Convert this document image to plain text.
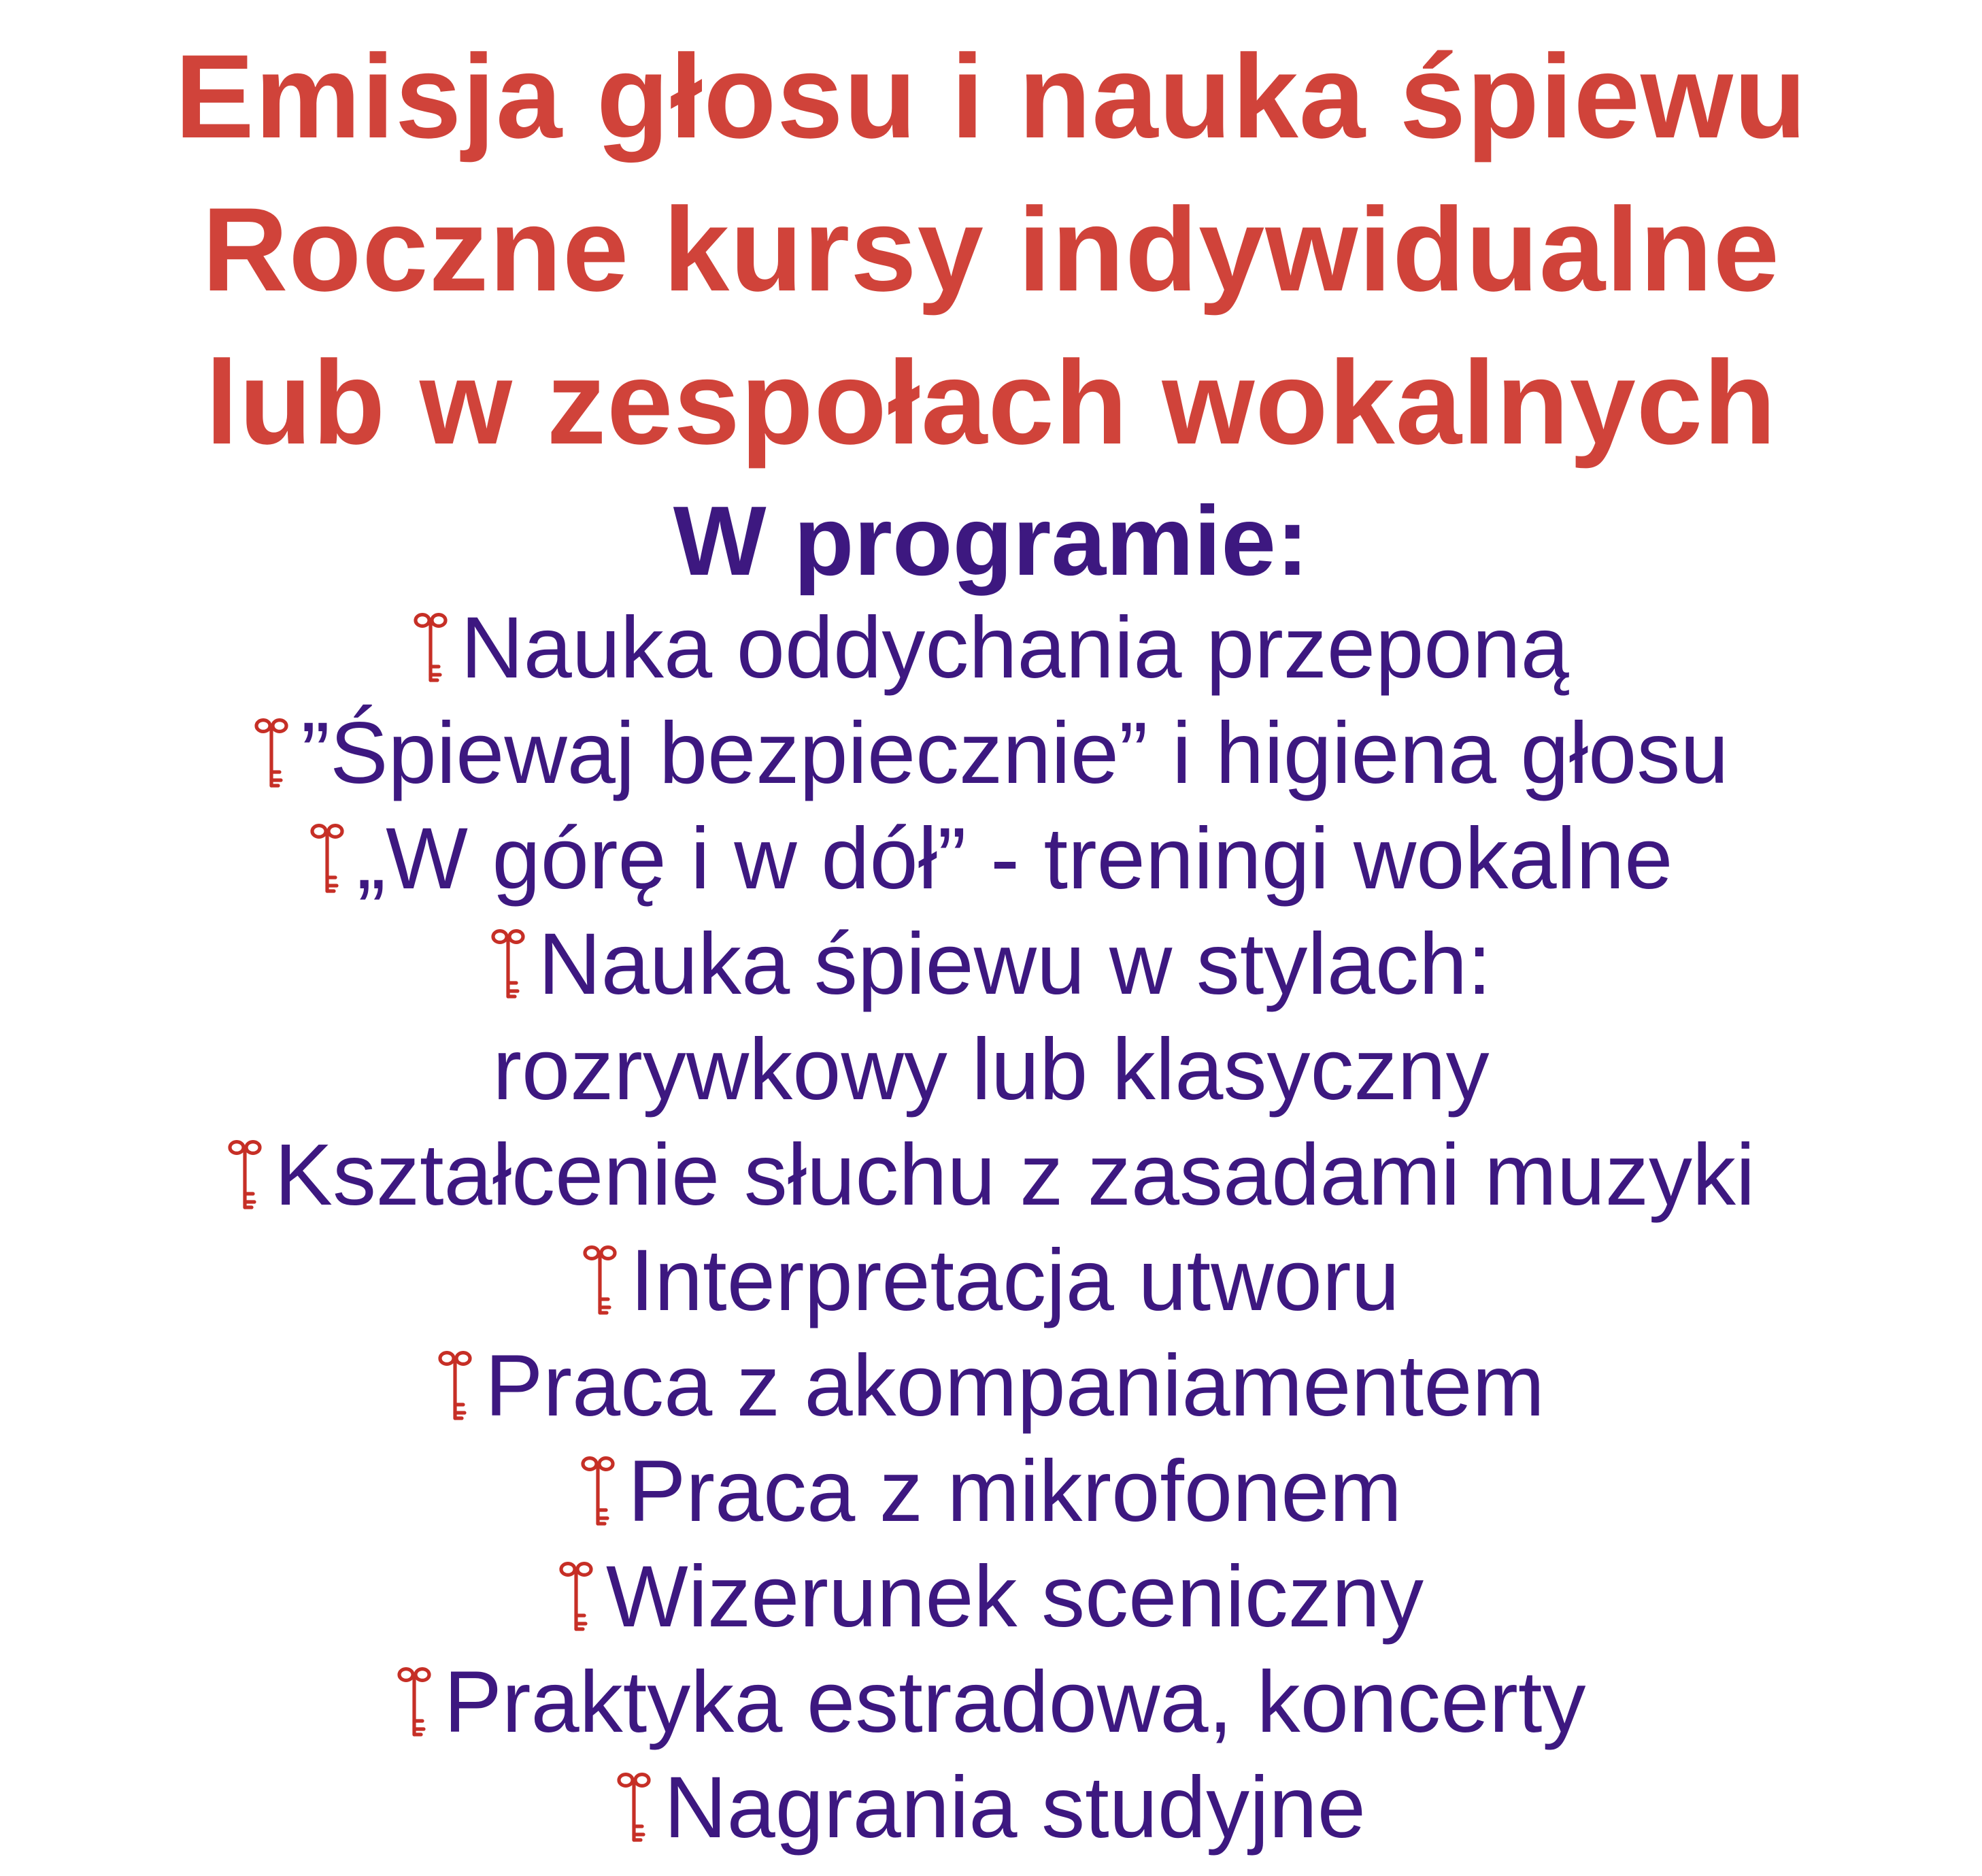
Emisja głosu i nauka śpiewu
Roczne kursy indywidualne
lub w zespołach wokalnych
W programie:
Nauka oddychania przeponą
”Śpiewaj bezpiecznie” i higiena głosu
„W górę i w dół” - treningi wokalne
Nauka śpiewu w stylach:
rozrywkowy lub klasyczny
Kształcenie słuchu z zasadami muzyki
Interpretacja utworu
Praca z akompaniamentem
Praca z mikrofonem
Wizerunek sceniczny
Praktyka estradowa, koncerty
Nagrania studyjne
